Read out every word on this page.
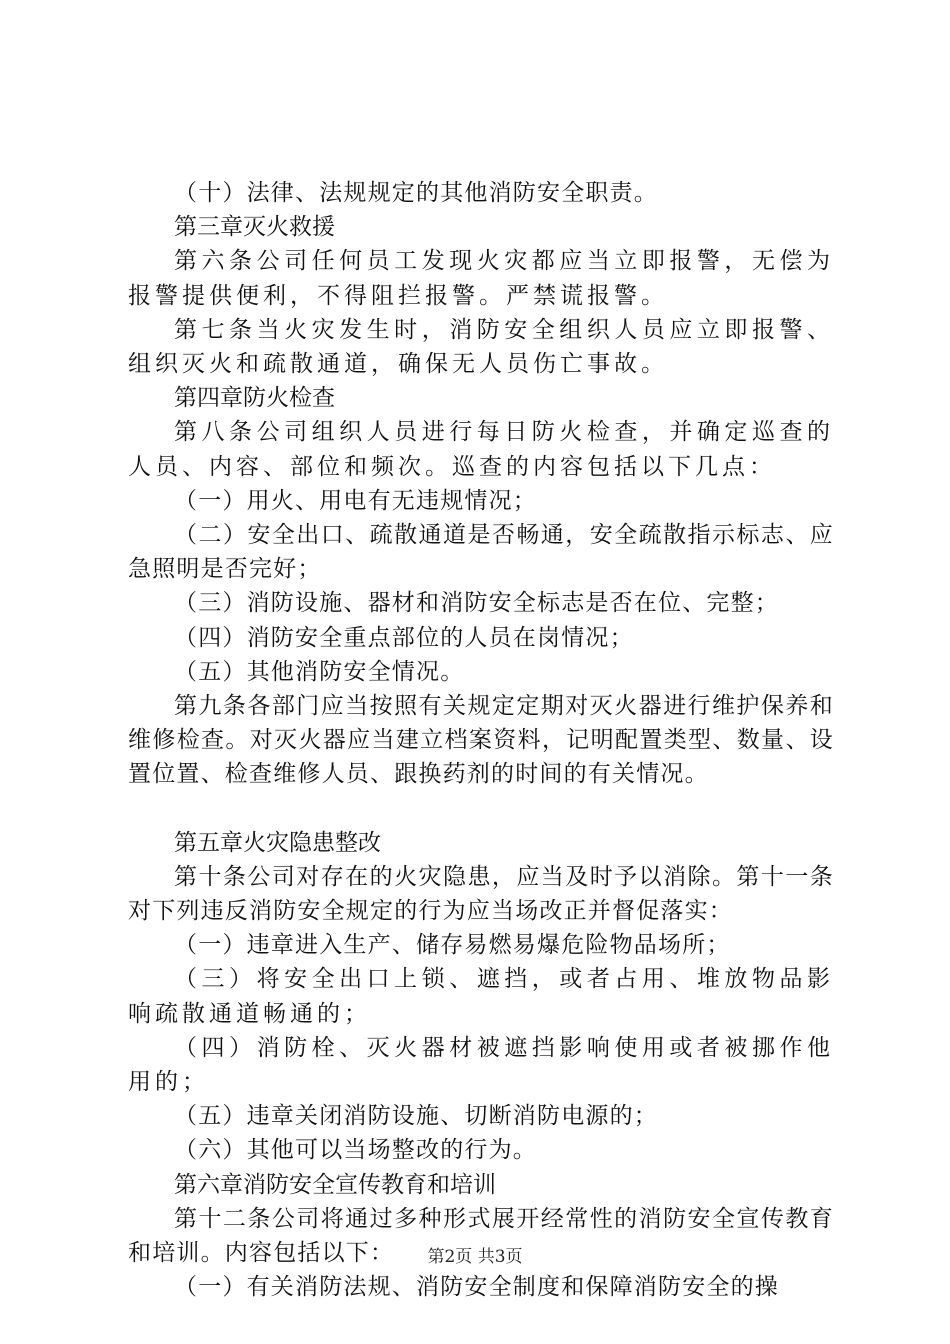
（十）法律、法规规定的其他消防安全职责。

第三章灭火救援

第六条公司任何员工发现火灾都应当立即报警，无偿为报警提供便利，不得阻拦报警。严禁谎报警。

第七条当火灾发生时，消防安全组织人员应立即报警、组织灭火和疏散通道，确保无人员伤亡事故。

第四章防火检查

第八条公司组织人员进行每日防火检查，并确定巡查的人员、内容、部位和频次。巡查的内容包括以下几点：

（一）用火、用电有无违规情况；

（二）安全出口、疏散通道是否畅通，安全疏散指示标志、应急照明是否完好；

（三）消防设施、器材和消防安全标志是否在位、完整；

（四）消防安全重点部位的人员在岗情况；

（五）其他消防安全情况。

第九条各部门应当按照有关规定定期对灭火器进行维护保养和维修检查。对灭火器应当建立档案资料，记明配置类型、数量、设置位置、检查维修人员、跟换药剂的时间的有关情况。

第五章火灾隐患整改

第十条公司对存在的火灾隐患，应当及时予以消除。第十一条对下列违反消防安全规定的行为应当场改正并督促落实：

（一）违章进入生产、储存易燃易爆危险物品场所；

（三）将安全出口上锁、遮挡，或者占用、堆放物品影响疏散通道畅通的；

（四）消防栓、灭火器材被遮挡影响使用或者被挪作他用的；

（五）违章关闭消防设施、切断消防电源的；

（六）其他可以当场整改的行为。

第六章消防安全宣传教育和培训

第十二条公司将通过多种形式展开经常性的消防安全宣传教育和培训。内容包括以下：

（一）有关消防法规、消防安全制度和保障消防安全的操

第2页 共3页
